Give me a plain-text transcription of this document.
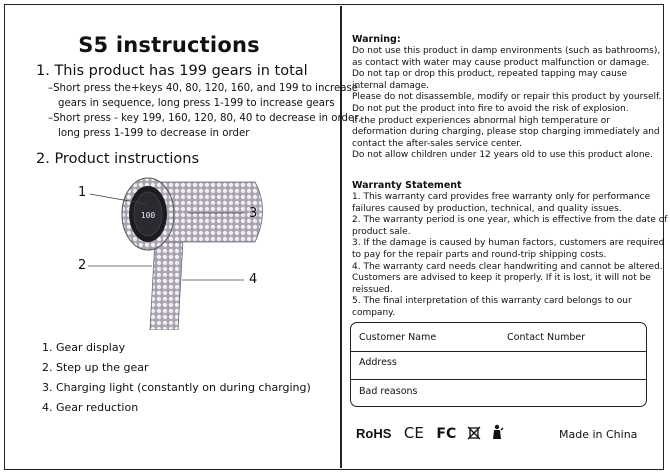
S5 instructions
1. This product has 199 gears in total
–Short press the+keys 40, 80, 120, 160, and 199 to increase
gears in sequence, long press 1-199 to increase gears
–Short press - key 199, 160, 120, 80, 40 to decrease in order,
long press 1-199 to decrease in order
2. Product instructions
100
1
2
3
4
1. Gear display
2. Step up the gear
3. Charging light (constantly on during charging)
4. Gear reduction
Warning:
Do not use this product in damp environments (such as bathrooms),
as contact with water may cause product malfunction or damage.
Do not tap or drop this product, repeated tapping may cause
internal damage.
Please do not disassemble, modify or repair this product by yourself.
Do not put the product into fire to avoid the risk of explosion.
If the product experiences abnormal high temperature or
deformation during charging, please stop charging immediately and
contact the after-sales service center.
Do not allow children under 12 years old to use this product alone.
Warranty Statement
1. This warranty card provides free warranty only for performance
failures caused by production, technical, and quality issues.
2. The warranty period is one year, which is effective from the date of
product sale.
3. If the damage is caused by human factors, customers are required
to pay for the repair parts and round-trip shipping costs.
4. The warranty card needs clear handwriting and cannot be altered.
Customers are advised to keep it properly. If it is lost, it will not be
reissued.
5. The final interpretation of this warranty card belongs to our
company.
Customer Name	Contact Number
Address
Bad reasons
RoHS CE FC	Made in China
